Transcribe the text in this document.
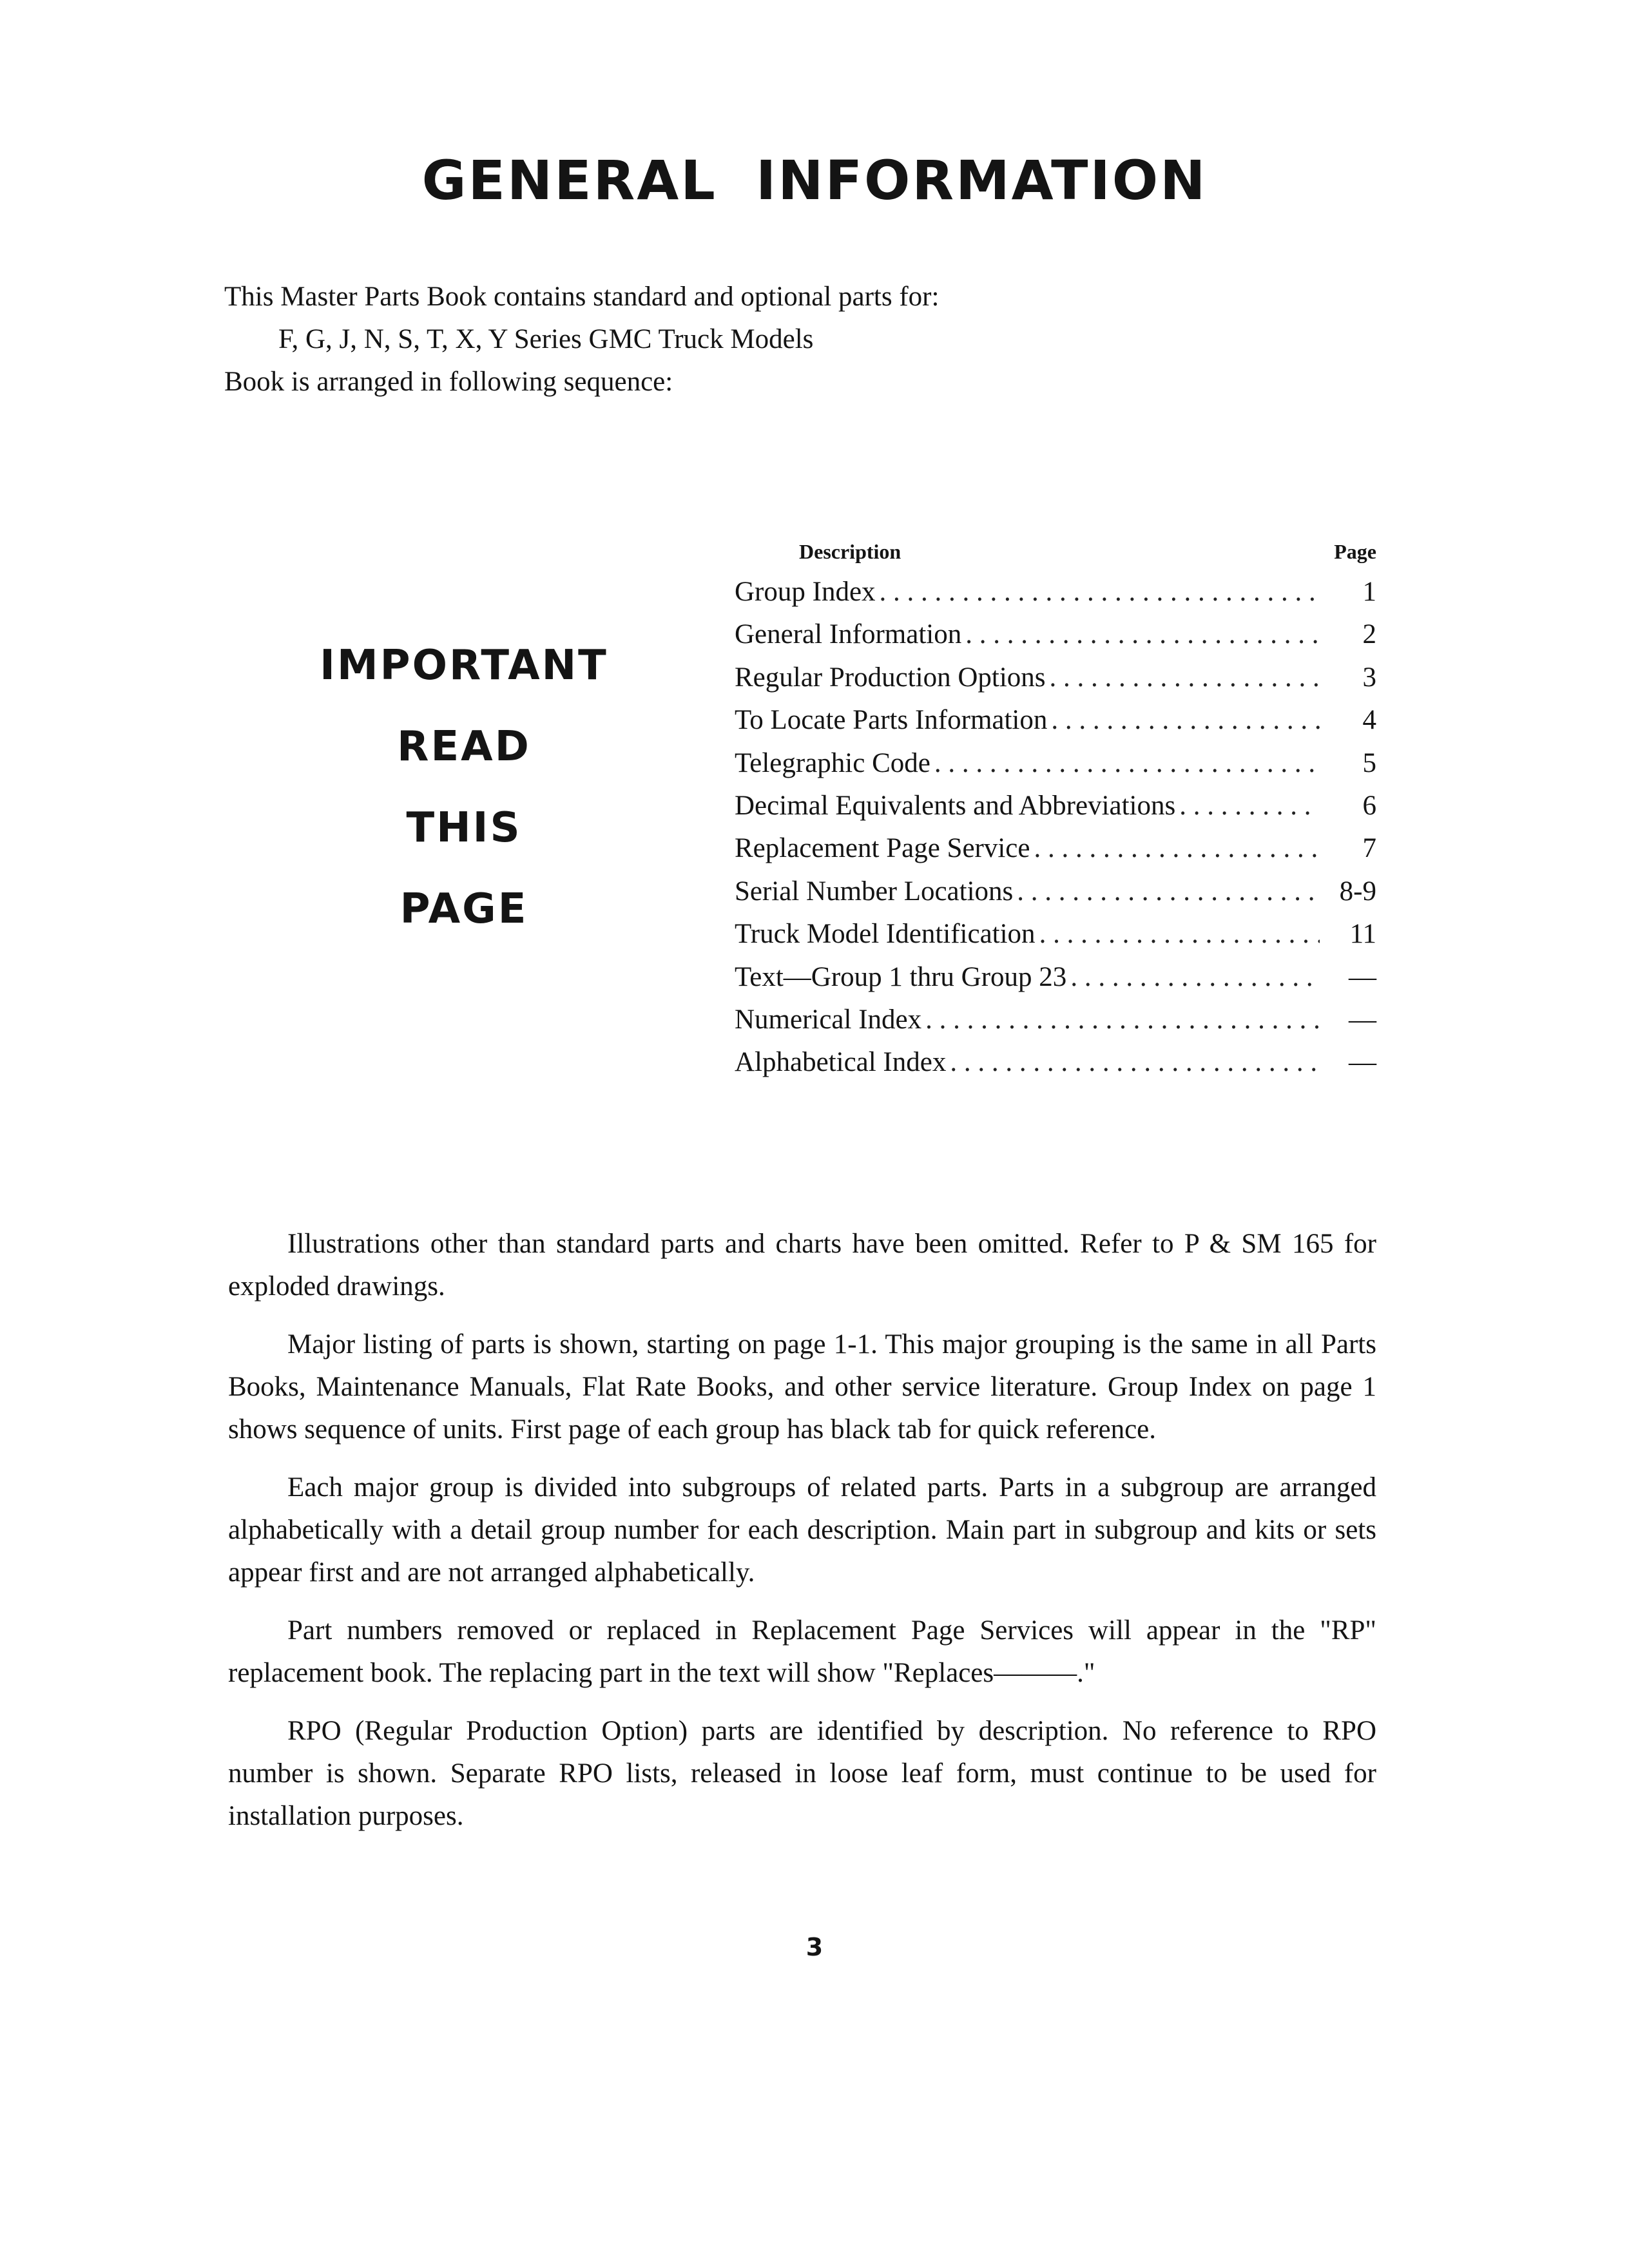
GENERAL INFORMATION
This Master Parts Book contains standard and optional parts for:
F, G, J, N, S, T, X, Y Series GMC Truck Models
Book is arranged in following sequence:
IMPORTANT
READ
THIS
PAGE
Description	Page
Group Index . . .	1
General Information . . .	2
Regular Production Options . . .	3
To Locate Parts Information . . .	4
Telegraphic Code . . .	5
Decimal Equivalents and Abbreviations . . .	6
Replacement Page Service . . .	7
Serial Number Locations . . .	8-9
Truck Model Identification . . .	11
Text—Group 1 thru Group 23 . . .	—
Numerical Index . . .	—
Alphabetical Index . . .	—

Illustrations other than standard parts and charts have been omitted. Refer to P & SM 165 for exploded drawings.

Major listing of parts is shown, starting on page 1-1. This major grouping is the same in all Parts Books, Maintenance Manuals, Flat Rate Books, and other service literature. Group Index on page 1 shows sequence of units. First page of each group has black tab for quick reference.

Each major group is divided into subgroups of related parts. Parts in a subgroup are arranged alphabetically with a detail group number for each description. Main part in subgroup and kits or sets appear first and are not arranged alphabetically.

Part numbers removed or replaced in Replacement Page Services will appear in the "RP" replacement book. The replacing part in the text will show "Replaces———."

RPO (Regular Production Option) parts are identified by description. No reference to RPO number is shown. Separate RPO lists, released in loose leaf form, must continue to be used for installation purposes.

3
